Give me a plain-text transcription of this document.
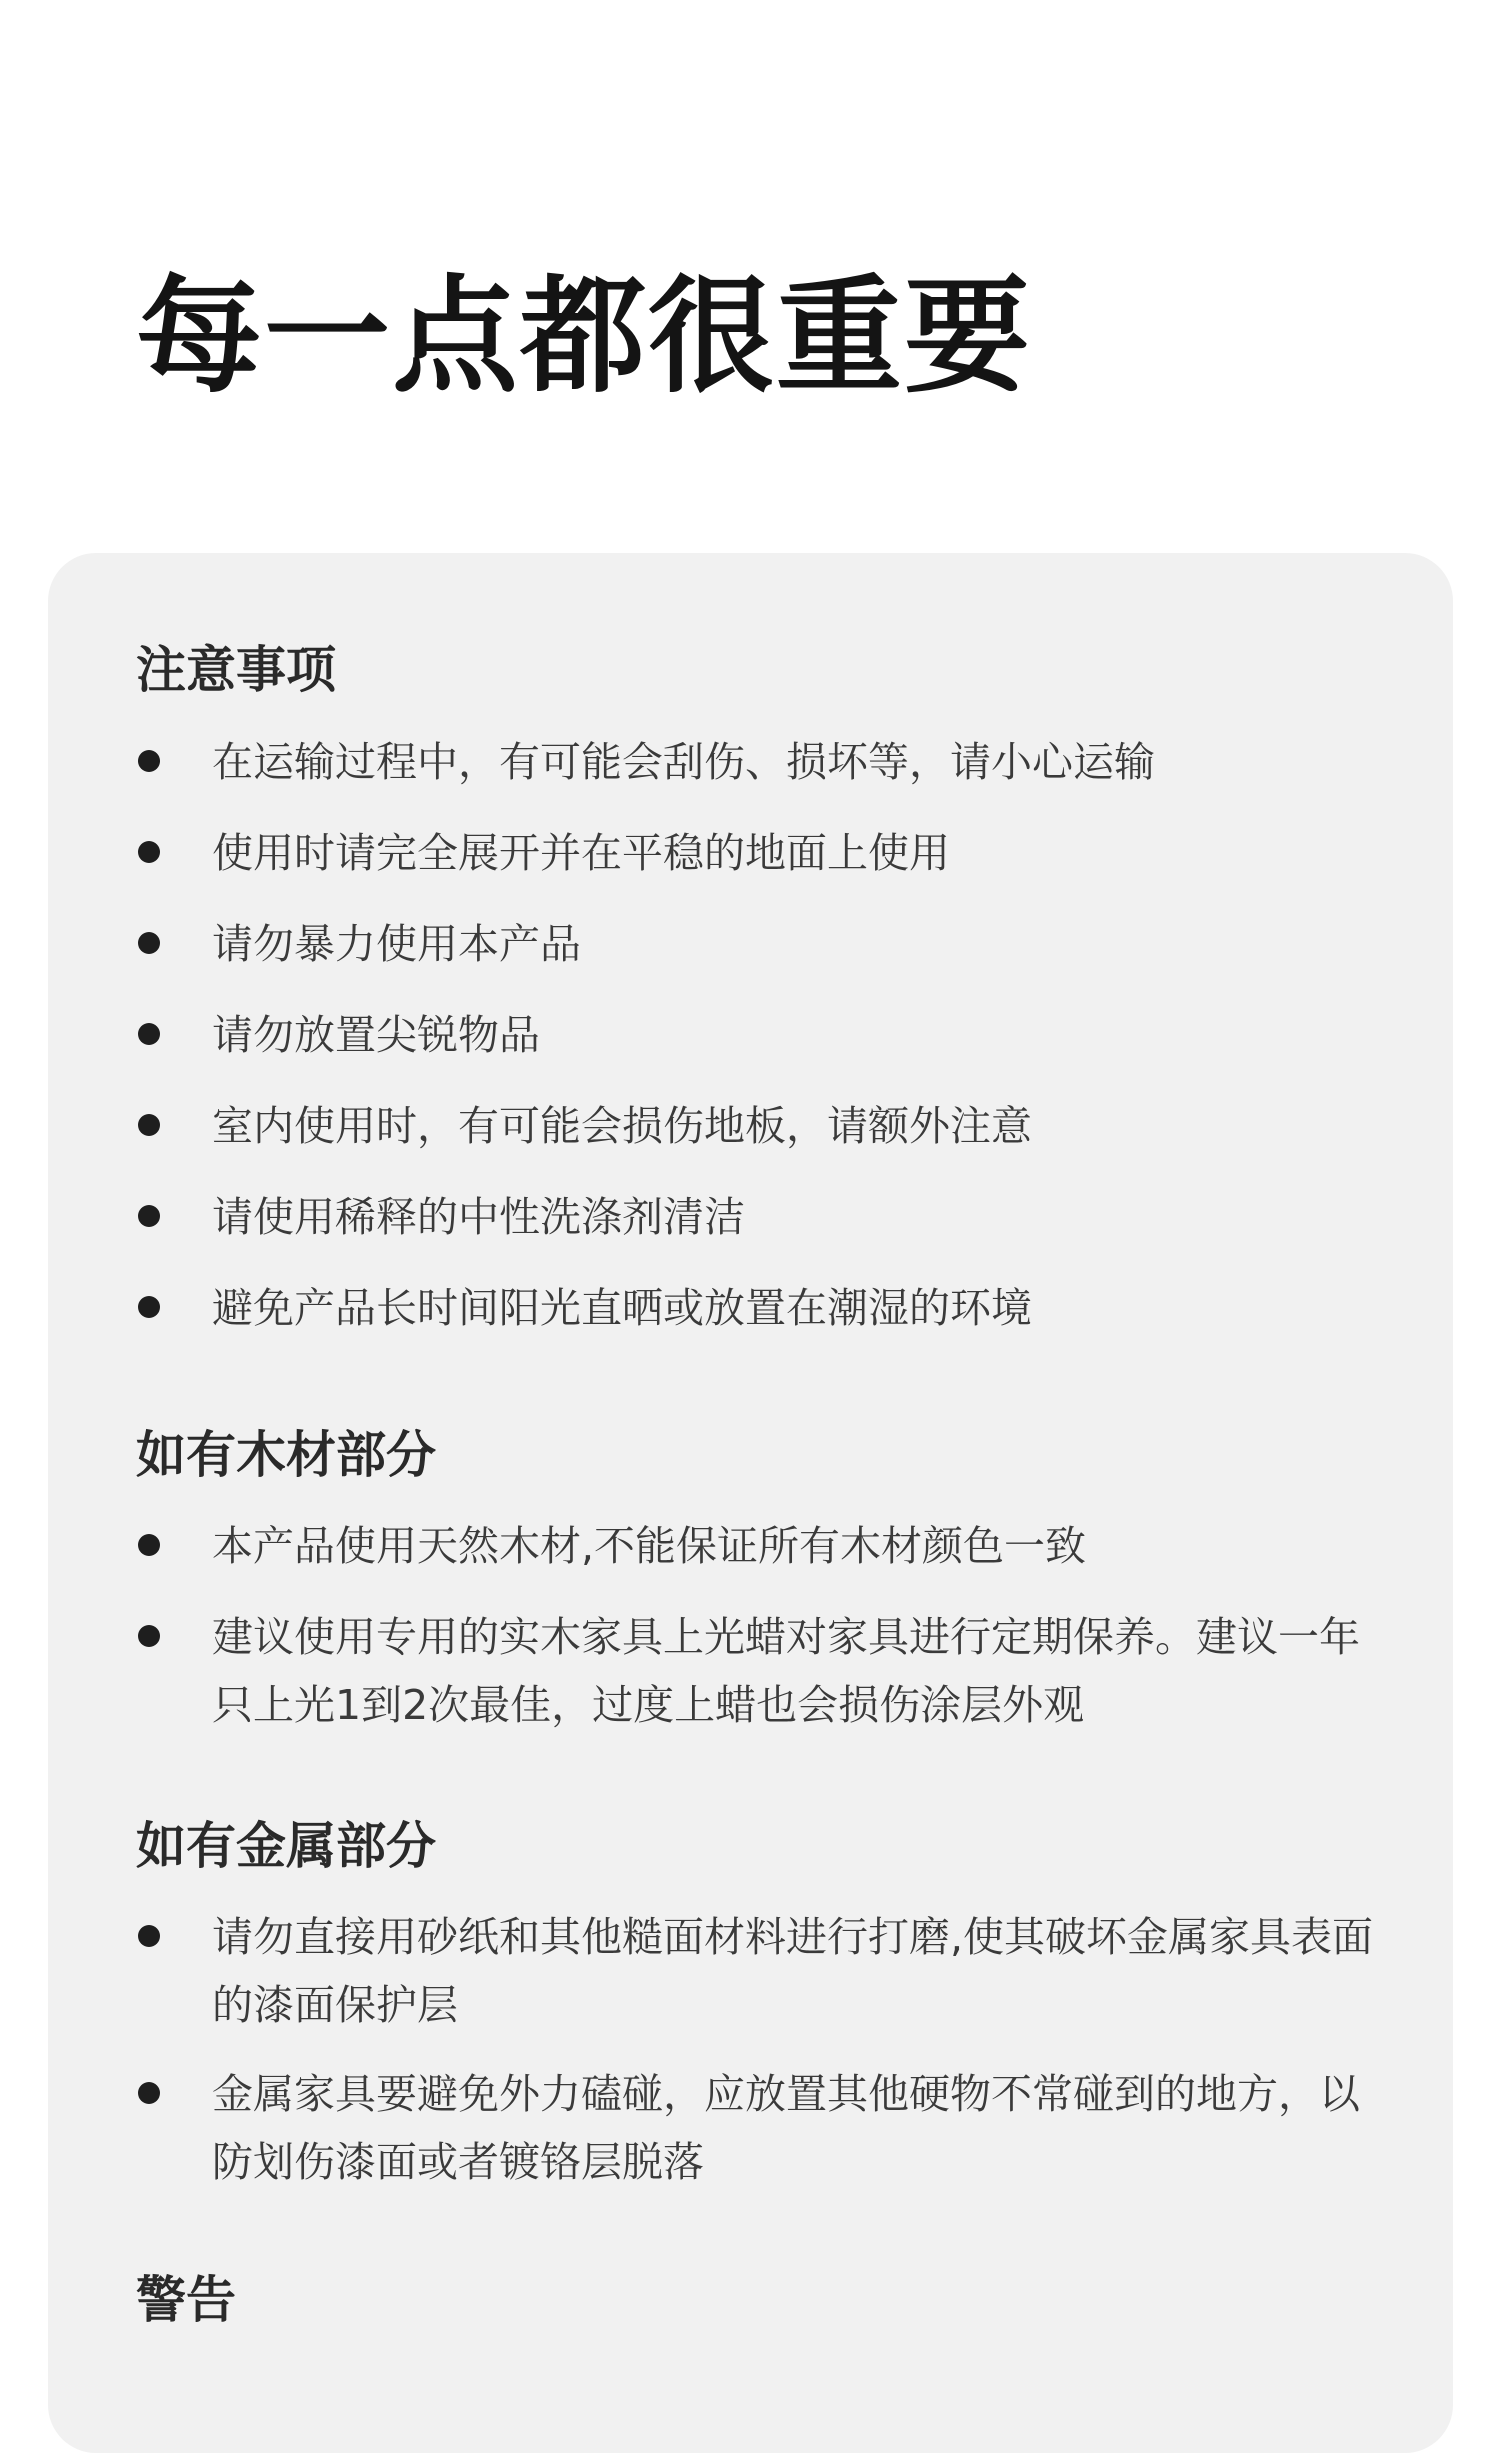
每一点都很重要
注意事项
在运输过程中，有可能会刮伤、损坏等，请小心运输
使用时请完全展开并在平稳的地面上使用
请勿暴力使用本产品
请勿放置尖锐物品
室内使用时，有可能会损伤地板，请额外注意
请使用稀释的中性洗涤剂清洁
避免产品长时间阳光直晒或放置在潮湿的环境
如有木材部分
本产品使用天然木材,不能保证所有木材颜色一致
建议使用专用的实木家具上光蜡对家具进行定期保养。建议一年只上光1到2次最佳，过度上蜡也会损伤涂层外观
如有金属部分
请勿直接用砂纸和其他糙面材料进行打磨,使其破坏金属家具表面的漆面保护层
金属家具要避免外力磕碰，应放置其他硬物不常碰到的地方，以防划伤漆面或者镀铬层脱落
警告
